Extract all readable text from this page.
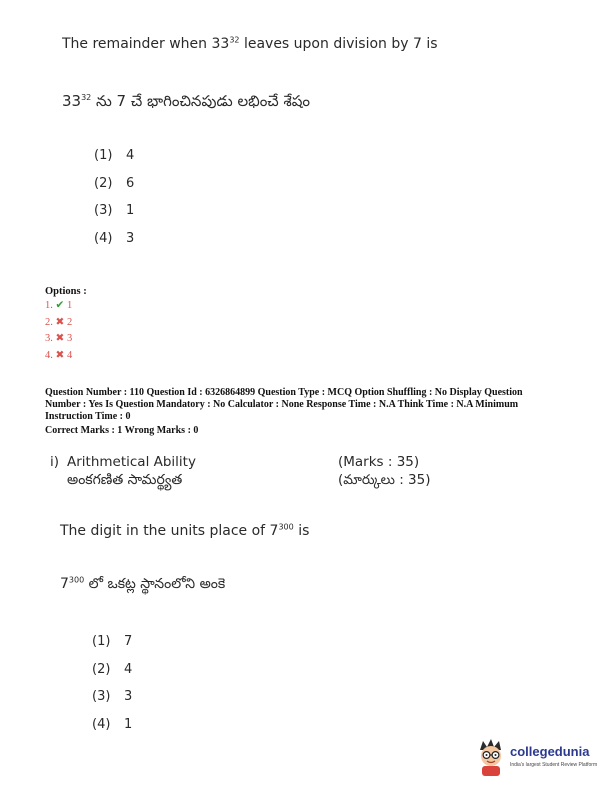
The remainder when $33^{32}$ leaves upon division by 7 is
$33^{32}$ ను 7 చే భాగించినపుడు లభించే శేషం
(1) 4
(2) 6
(3) 1
(4) 3
Options :
1. ✔ 1
2. ✖ 2
3. ✖ 3
4. ✖ 4
Question Number : 110 Question Id : 6326864899 Question Type : MCQ Option Shuffling : No Display Question
Number : Yes Is Question Mandatory : No Calculator : None Response Time : N.A Think Time : N.A Minimum
Instruction Time : 0
Correct Marks : 1 Wrong Marks : 0
i) Arithmetical Ability
అంకగణిత సామర్థ్యత
(Marks : 35)
(మార్కులు : 35)
The digit in the units place of $7^{300}$ is
$7^{300}$ లో ఒకట్ల స్థానంలోని అంకె
(1) 7
(2) 4
(3) 3
(4) 1
collegedunia
India's largest Student Review Platform
